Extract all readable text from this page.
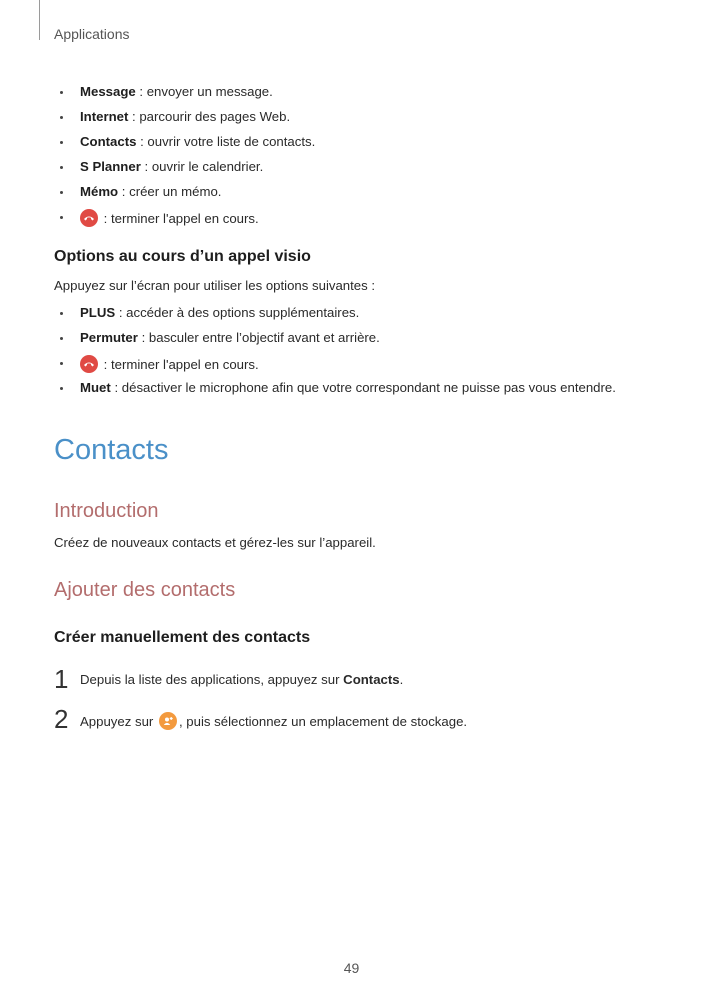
Applications
Message : envoyer un message.
Internet : parcourir des pages Web.
Contacts : ouvrir votre liste de contacts.
S Planner : ouvrir le calendrier.
Mémo : créer un mémo.
: terminer l'appel en cours.
Options au cours d’un appel visio

Appuyez sur l’écran pour utiliser les options suivantes :

PLUS : accéder à des options supplémentaires.
Permuter : basculer entre l’objectif avant et arrière.
: terminer l'appel en cours.
Muet : désactiver le microphone afin que votre correspondant ne puisse pas vous entendre.
Contacts
Introduction

Créez de nouveaux contacts et gérez-les sur l’appareil.

Ajouter des contacts
Créer manuellement des contacts
1 Depuis la liste des applications, appuyez sur Contacts.
2 Appuyez sur
, puis sélectionnez un emplacement de stockage.
49
